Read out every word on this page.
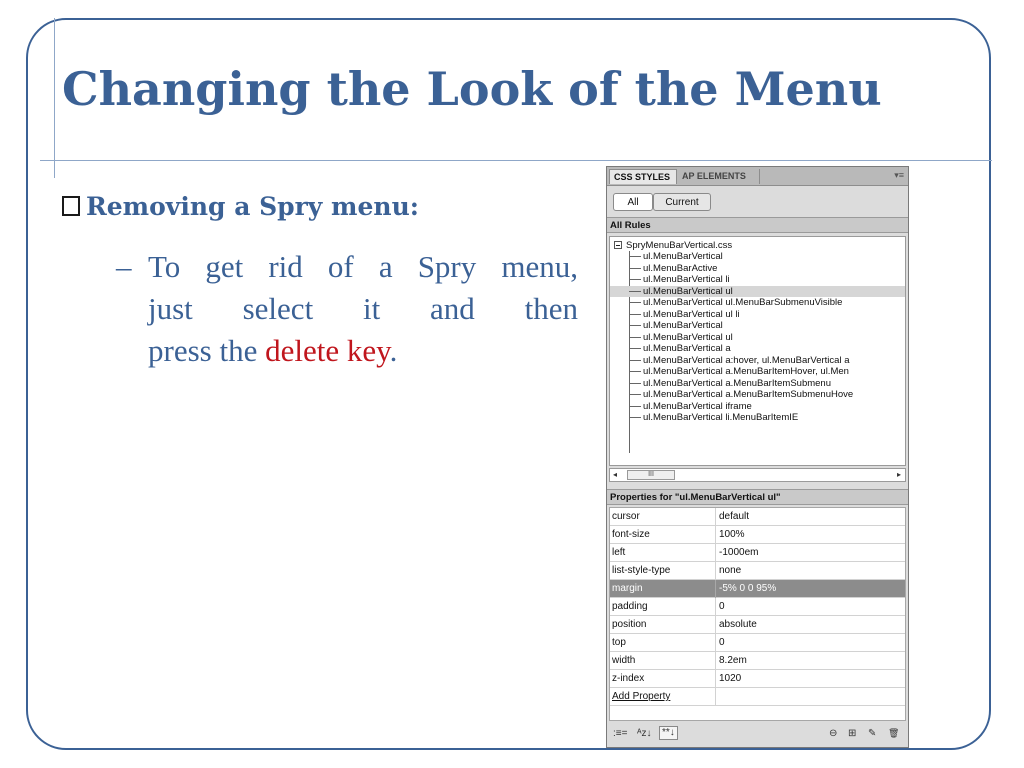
Changing the Look of the Menu
Removing a Spry menu:
– To get rid of a Spry menu,
just select it and then
press the delete key.
CSS STYLES	AP ELEMENTS	▾≡
All	Current
All Rules
SpryMenuBarVertical.css
ul.MenuBarVertical
ul.MenuBarActive
ul.MenuBarVertical li
ul.MenuBarVertical ul
ul.MenuBarVertical ul.MenuBarSubmenuVisible
ul.MenuBarVertical ul li
ul.MenuBarVertical
ul.MenuBarVertical ul
ul.MenuBarVertical a
ul.MenuBarVertical a:hover, ul.MenuBarVertical a
ul.MenuBarVertical a.MenuBarItemHover, ul.Men
ul.MenuBarVertical a.MenuBarItemSubmenu
ul.MenuBarVertical a.MenuBarItemSubmenuHove
ul.MenuBarVertical iframe
ul.MenuBarVertical li.MenuBarItemIE
◂	III	▸
Properties for "ul.MenuBarVertical ul"
cursor	default
font-size	100%
left	-1000em
list-style-type	none
margin	-5% 0 0 95%
padding	0
position	absolute
top	0
width	8.2em
z-index	1020
Add Property
:≡= ᴬz↓	**↓	⊖ ⊞ ✎ 🗑
